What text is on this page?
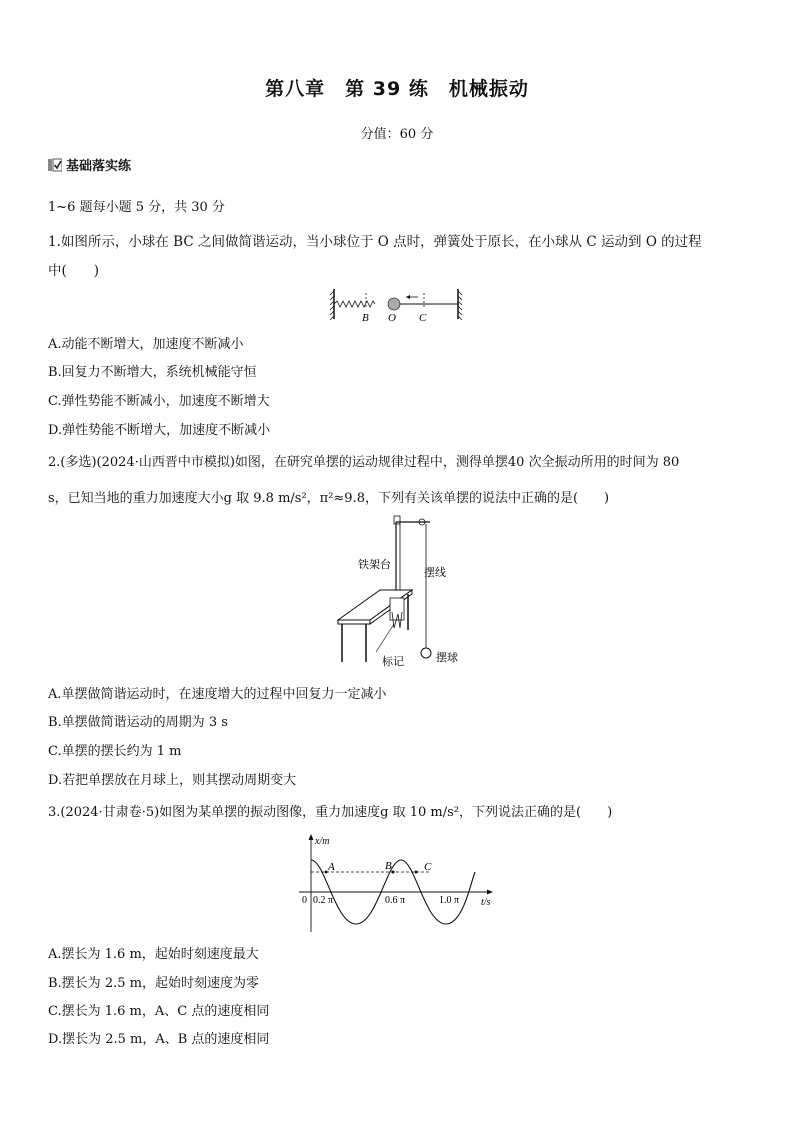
第八章　第 39 练　机械振动
分值：60 分
基础落实练
1~6 题每小题 5 分，共 30 分
1.如图所示，小球在 BC 之间做简谐运动，当小球位于 O 点时，弹簧处于原长，在小球从 C 运动到 O 的过程
中(　　)
B O C
A.动能不断增大，加速度不断减小
B.回复力不断增大，系统机械能守恒
C.弹性势能不断减小，加速度不断增大
D.弹性势能不断增大，加速度不断减小
2.(多选)(2024·山西晋中市模拟)如图，在研究单摆的运动规律过程中，测得单摆40 次全振动所用的时间为 80
s，已知当地的重力加速度大小g 取 9.8 m/s²，π²≈9.8，下列有关该单摆的说法中正确的是(　　)
铁架台
摆线
标记	摆球
A.单摆做简谐运动时，在速度增大的过程中回复力一定减小
B.单摆做简谐运动的周期为 3 s
C.单摆的摆长约为 1 m
D.若把单摆放在月球上，则其摆动周期变大
3.(2024·甘肃卷·5)如图为某单摆的振动图像，重力加速度g 取 10 m/s²，下列说法正确的是(　　)
x/m
t/s
0 0.2 π	0.6 π	1.0 π
A	B	C
A.摆长为 1.6 m，起始时刻速度最大
B.摆长为 2.5 m，起始时刻速度为零
C.摆长为 1.6 m，A、C 点的速度相同
D.摆长为 2.5 m，A、B 点的速度相同
